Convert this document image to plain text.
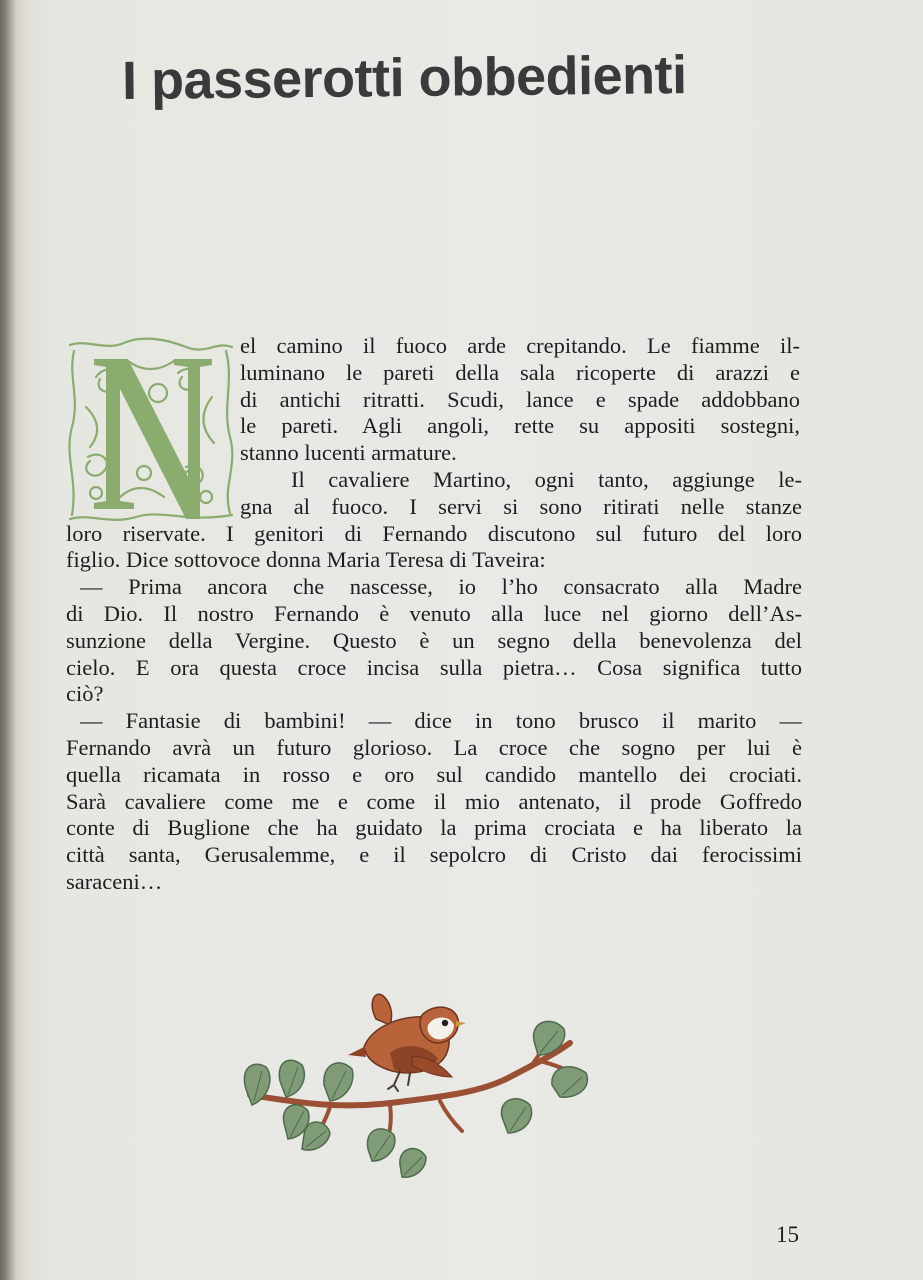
I passerotti obbedienti
N
el camino il fuoco arde crepitando. Le fiamme il-
luminano le pareti della sala ricoperte di arazzi e
di antichi ritratti. Scudi, lance e spade addobbano
le pareti. Agli angoli, rette su appositi sostegni,
stanno lucenti armature.
Il cavaliere Martino, ogni tanto, aggiunge le-
gna al fuoco. I servi si sono ritirati nelle stanze
loro riservate. I genitori di Fernando discutono sul futuro del loro
figlio. Dice sottovoce donna Maria Teresa di Taveira:
— Prima ancora che nascesse, io l’ho consacrato alla Madre
di Dio. Il nostro Fernando è venuto alla luce nel giorno dell’As-
sunzione della Vergine. Questo è un segno della benevolenza del
cielo. E ora questa croce incisa sulla pietra… Cosa significa tutto
ciò?
— Fantasie di bambini! — dice in tono brusco il marito —
Fernando avrà un futuro glorioso. La croce che sogno per lui è
quella ricamata in rosso e oro sul candido mantello dei crociati.
Sarà cavaliere come me e come il mio antenato, il prode Goffredo
conte di Buglione che ha guidato la prima crociata e ha liberato la
città santa, Gerusalemme, e il sepolcro di Cristo dai ferocissimi
saraceni…

15
